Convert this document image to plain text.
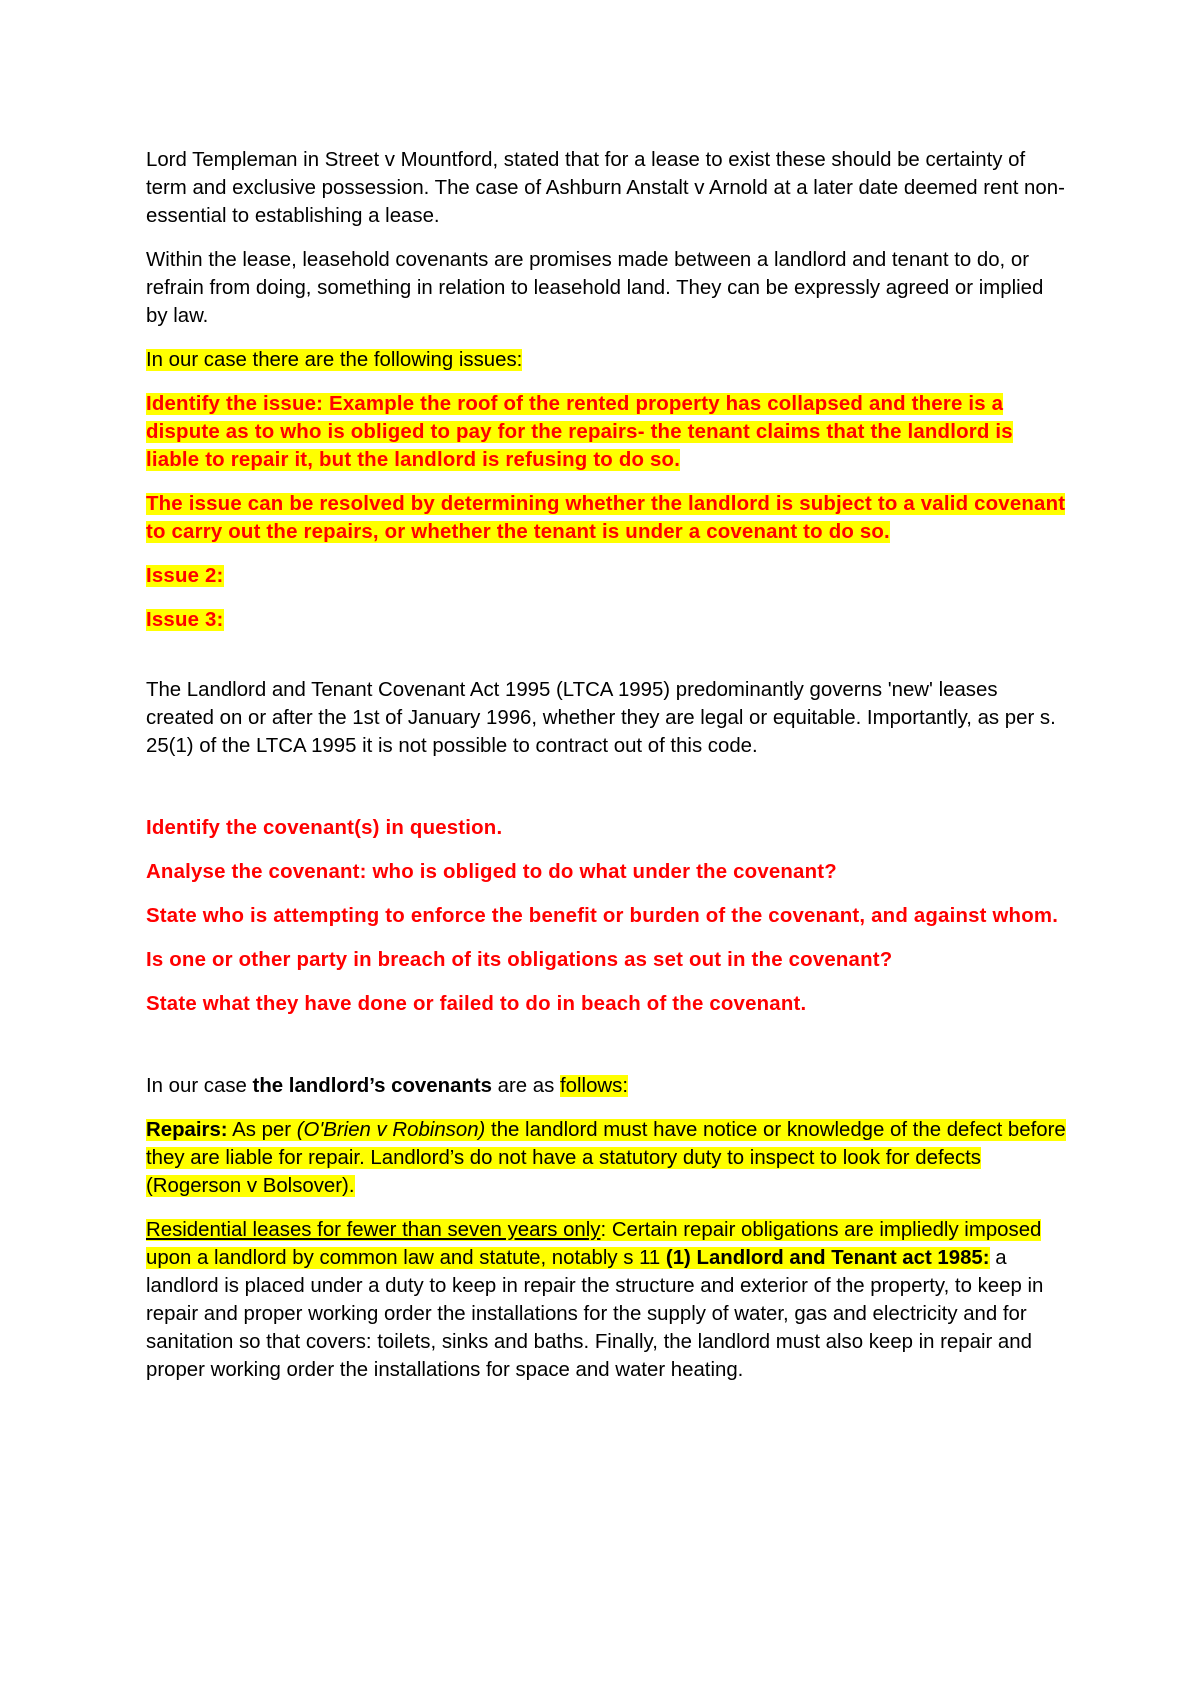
Lord Templeman in Street v Mountford, stated that for a lease to exist these should be certainty of term and exclusive possession. The case of Ashburn Anstalt v Arnold at a later date deemed rent non-essential to establishing a lease.

Within the lease, leasehold covenants are promises made between a landlord and tenant to do, or refrain from doing, something in relation to leasehold land. They can be expressly agreed or implied by law.

In our case there are the following issues:

Identify the issue: Example the roof of the rented property has collapsed and there is a dispute as to who is obliged to pay for the repairs- the tenant claims that the landlord is liable to repair it, but the landlord is refusing to do so.

The issue can be resolved by determining whether the landlord is subject to a valid covenant to carry out the repairs, or whether the tenant is under a covenant to do so.

Issue 2:

Issue 3:

The Landlord and Tenant Covenant Act 1995 (LTCA 1995) predominantly governs 'new' leases created on or after the 1st of January 1996, whether they are legal or equitable. Importantly, as per s. 25(1) of the LTCA 1995 it is not possible to contract out of this code.

Identify the covenant(s) in question.

Analyse the covenant: who is obliged to do what under the covenant?

State who is attempting to enforce the benefit or burden of the covenant, and against whom.

Is one or other party in breach of its obligations as set out in the covenant?

State what they have done or failed to do in beach of the covenant.

In our case the landlord’s covenants are as follows:

Repairs: As per (O'Brien v Robinson) the landlord must have notice or knowledge of the defect before they are liable for repair. Landlord’s do not have a statutory duty to inspect to look for defects (Rogerson v Bolsover).

Residential leases for fewer than seven years only: Certain repair obligations are impliedly imposed upon a landlord by common law and statute, notably s 11 (1) Landlord and Tenant act 1985: a landlord is placed under a duty to keep in repair the structure and exterior of the property, to keep in repair and proper working order the installations for the supply of water, gas and electricity and for sanitation so that covers: toilets, sinks and baths. Finally, the landlord must also keep in repair and proper working order the installations for space and water heating.
